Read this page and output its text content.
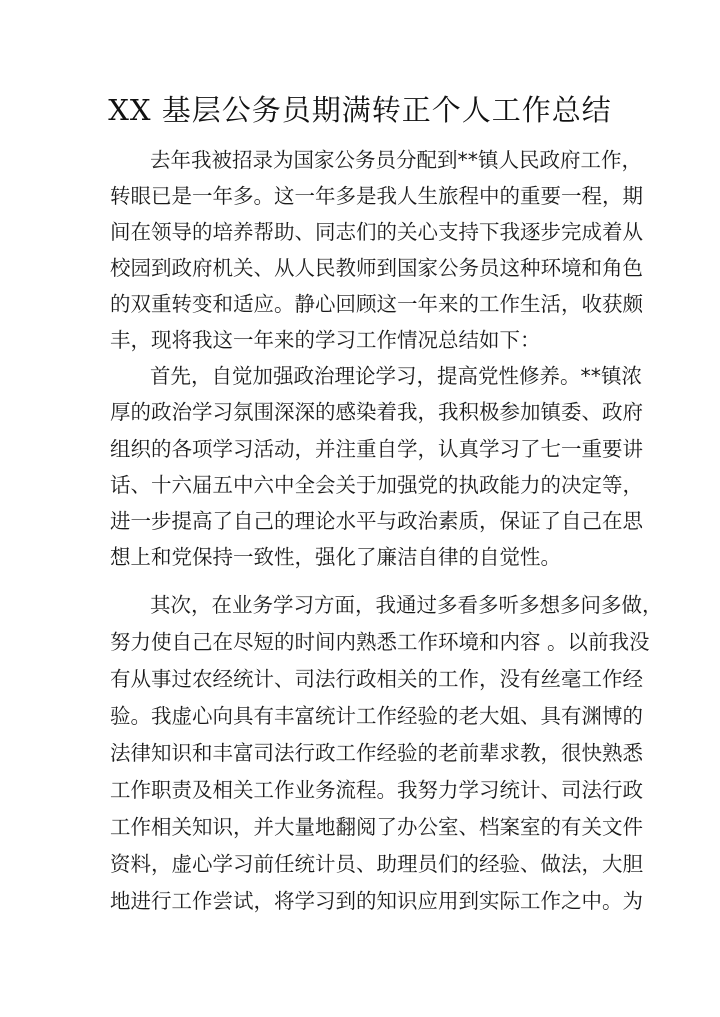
XX 基层公务员期满转正个人工作总结
去年我被招录为国家公务员分配到**镇人民政府工作，
转眼已是一年多。这一年多是我人生旅程中的重要一程，期
间在领导的培养帮助、同志们的关心支持下我逐步完成着从
校园到政府机关、从人民教师到国家公务员这种环境和角色
的双重转变和适应。静心回顾这一年来的工作生活，收获颇
丰，现将我这一年来的学习工作情况总结如下：
首先，自觉加强政治理论学习，提高党性修养。**镇浓
厚的政治学习氛围深深的感染着我，我积极参加镇委、政府
组织的各项学习活动，并注重自学，认真学习了七一重要讲
话、十六届五中六中全会关于加强党的执政能力的决定等，
进一步提高了自己的理论水平与政治素质，保证了自己在思
想上和党保持一致性，强化了廉洁自律的自觉性。
其次，在业务学习方面，我通过多看多听多想多问多做，
努力使自己在尽短的时间内熟悉工作环境和内容 。以前我没
有从事过农经统计、司法行政相关的工作，没有丝毫工作经
验。我虚心向具有丰富统计工作经验的老大姐、具有渊博的
法律知识和丰富司法行政工作经验的老前辈求教，很快熟悉
工作职责及相关工作业务流程。我努力学习统计、司法行政
工作相关知识，并大量地翻阅了办公室、档案室的有关文件
资料，虚心学习前任统计员、助理员们的经验、做法，大胆
地进行工作尝试，将学习到的知识应用到实际工作之中。为
